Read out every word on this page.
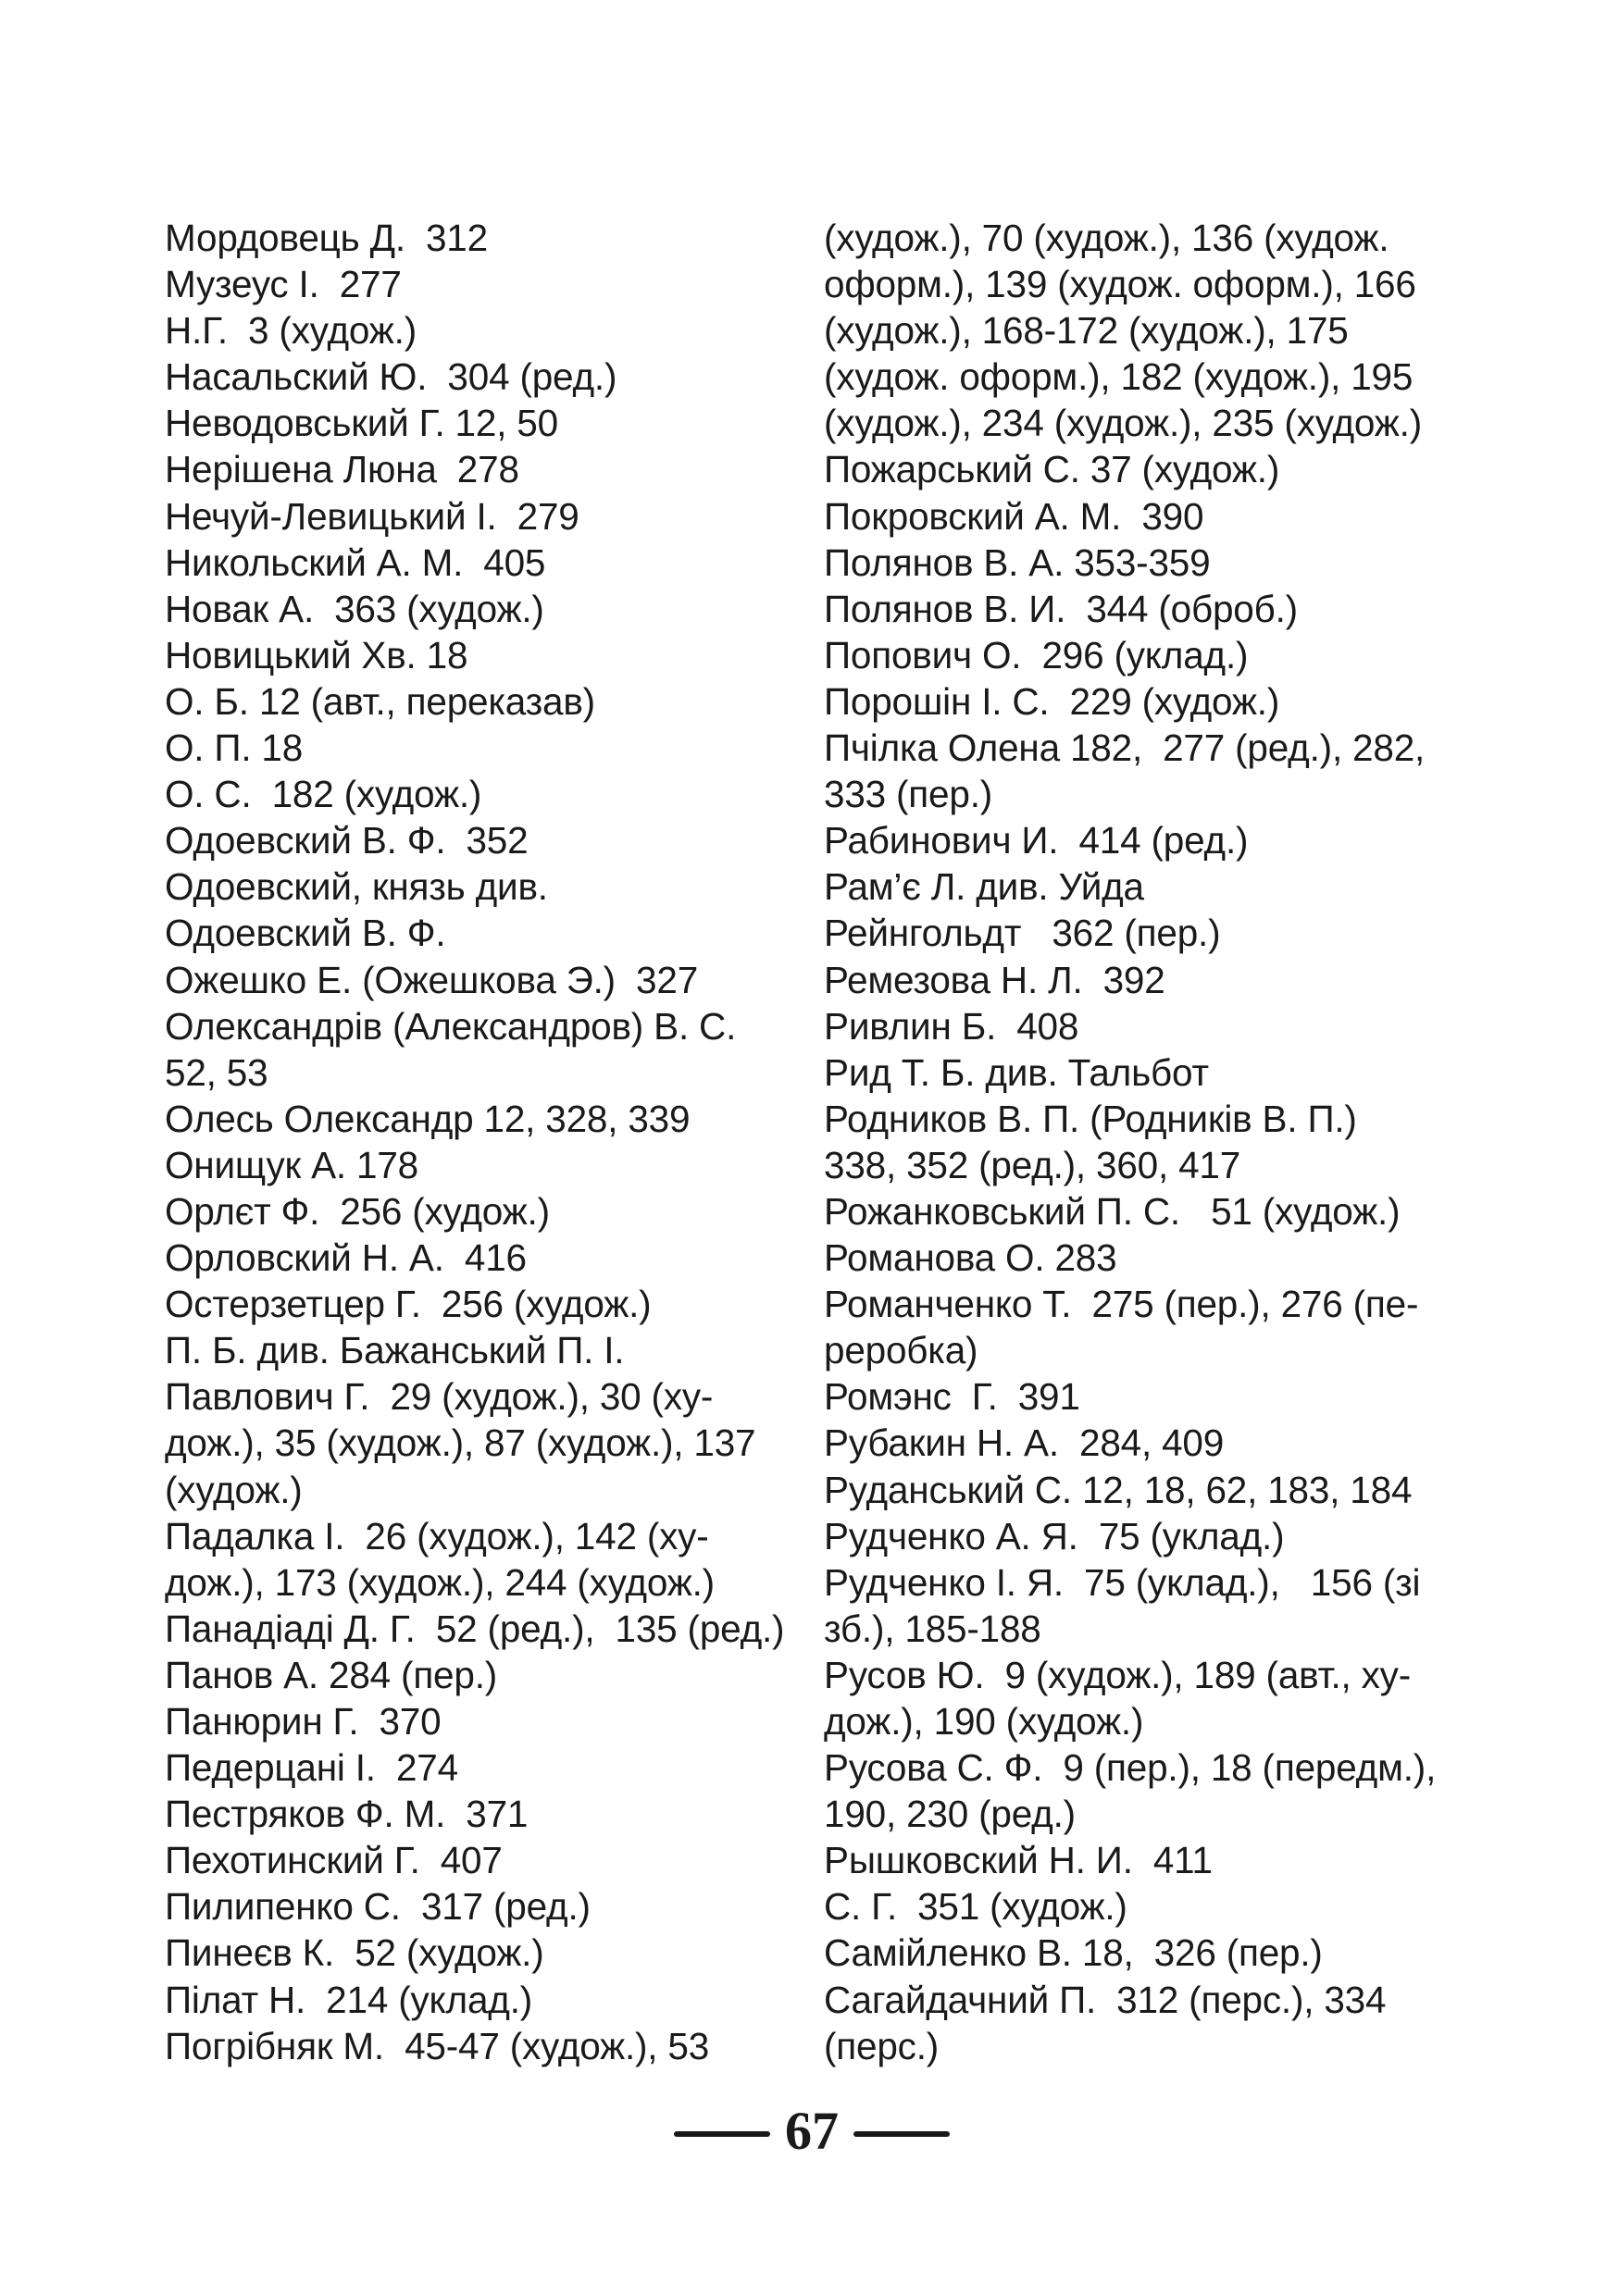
Мордовець Д.  312
Музеус І.  277
Н.Г.  3 (худож.)
Насальский Ю.  304 (ред.)
Неводовський Г. 12, 50
Нерішена Люна  278
Нечуй-Левицький І.  279
Никольский А. М.  405
Новак А.  363 (худож.)
Новицький Хв. 18
О. Б. 12 (авт., переказав)
О. П. 18
О. С.  182 (худож.)
Одоевский В. Ф.  352
Одоевский, князь див.
Одоевский В. Ф.
Ожешко Е. (Ожешкова Э.)  327
Олександрів (Александров) В. С.
52, 53
Олесь Олександр 12, 328, 339
Онищук А. 178
Орлєт Ф.  256 (худож.)
Орловский Н. А.  416
Остерзетцер Г.  256 (худож.)
П. Б. див. Бажанський П. І.
Павлович Г.  29 (худож.), 30 (ху-
дож.), 35 (худож.), 87 (худож.), 137
(худож.)
Падалка І.  26 (худож.), 142 (ху-
дож.), 173 (худож.), 244 (худож.)
Панадіаді Д. Г.  52 (ред.),  135 (ред.)
Панов А. 284 (пер.)
Панюрин Г.  370
Педерцані І.  274
Пестряков Ф. М.  371
Пехотинский Г.  407
Пилипенко С.  317 (ред.)
Пинеєв К.  52 (худож.)
Пілат Н.  214 (уклад.)
Погрібняк М.  45-47 (худож.), 53
(худож.), 70 (худож.), 136 (худож.
оформ.), 139 (худож. оформ.), 166
(худож.), 168-172 (худож.), 175
(худож. оформ.), 182 (худож.), 195
(худож.), 234 (худож.), 235 (худож.)
Пожарський С. 37 (худож.)
Покровский А. М.  390
Полянов В. А. 353-359
Полянов В. И.  344 (оброб.)
Попович О.  296 (уклад.)
Порошін І. С.  229 (худож.)
Пчілка Олена 182,  277 (ред.), 282,
333 (пер.)
Рабинович И.  414 (ред.)
Рам’є Л. див. Уйда
Рейнгольдт   362 (пер.)
Ремезова Н. Л.  392
Ривлин Б.  408
Рид Т. Б. див. Тальбот
Родников В. П. (Родників В. П.)
338, 352 (ред.), 360, 417
Рожанковський П. С.   51 (худож.)
Романова О. 283
Романченко Т.  275 (пер.), 276 (пе-
реробка)
Ромэнс  Г.  391
Рубакин Н. А.  284, 409
Руданський С. 12, 18, 62, 183, 184
Рудченко А. Я.  75 (уклад.)
Рудченко І. Я.  75 (уклад.),   156 (зі
зб.), 185-188
Русов Ю.  9 (худож.), 189 (авт., ху-
дож.), 190 (худож.)
Русова С. Ф.  9 (пер.), 18 (передм.),
190, 230 (ред.)
Рышковский Н. И.  411
С. Г.  351 (худож.)
Самійленко В. 18,  326 (пер.)
Сагайдачний П.  312 (перс.), 334
(перс.)
67
